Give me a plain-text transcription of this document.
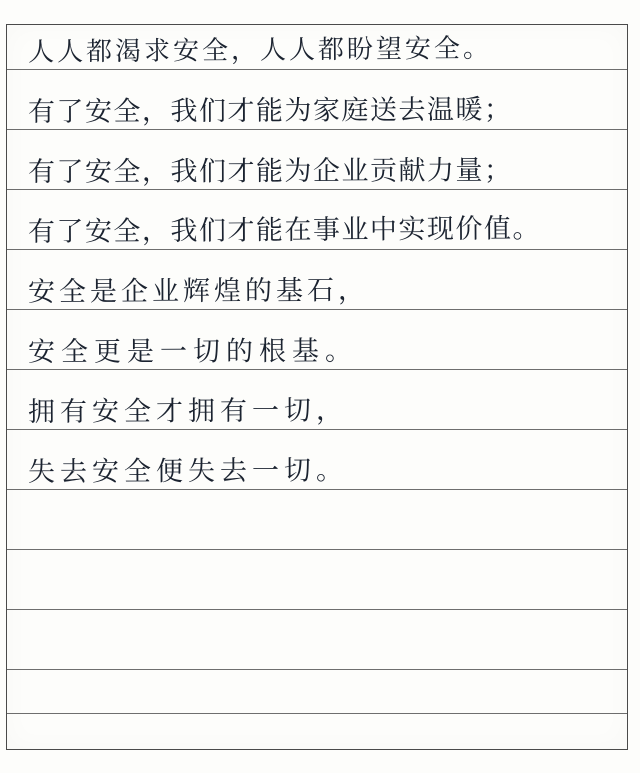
人人都渴求安全，人人都盼望安全。
有了安全，我们才能为家庭送去温暖；
有了安全，我们才能为企业贡献力量；
有了安全，我们才能在事业中实现价值。
安全是企业辉煌的基石，
安全更是一切的根基。
拥有安全才拥有一切，
失去安全便失去一切。
